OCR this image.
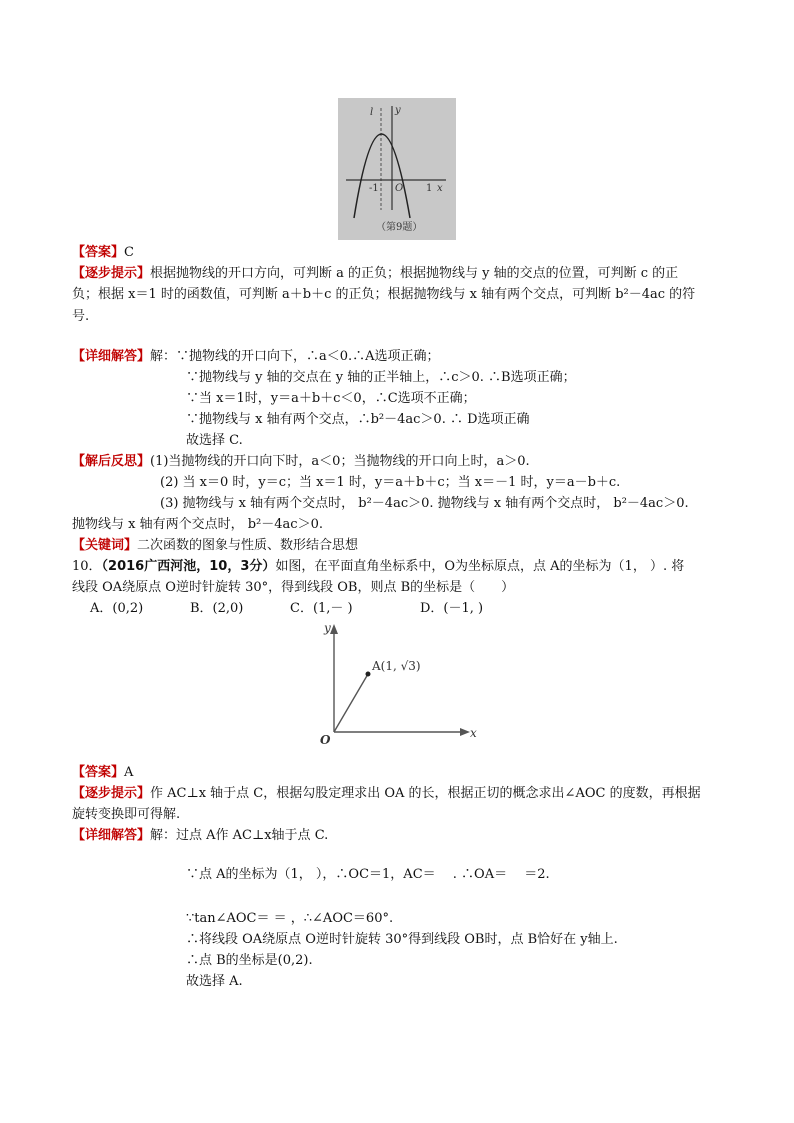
l y
-1 O 1 x
（第9题）
【答案】C
【逐步提示】根据抛物线的开口方向，可判断 a 的正负；根据抛物线与 y 轴的交点的位置，可判断 c 的正
负；根据 x＝1 时的函数值，可判断 a＋b＋c 的正负；根据抛物线与 x 轴有两个交点，可判断 b²－4ac 的符
号.
【详细解答】解：∵抛物线的开口向下，∴a＜0.∴A选项正确；
∵抛物线与 y 轴的交点在 y 轴的正半轴上，∴c＞0. ∴B选项正确；
∵当 x＝1时，y＝a＋b＋c＜0，∴C选项不正确；
∵抛物线与 x 轴有两个交点，∴b²－4ac＞0. ∴ D选项正确
故选择 C.
【解后反思】(1)当抛物线的开口向下时，a＜0；当抛物线的开口向上时，a＞0.
(2) 当 x＝0 时，y＝c；当 x＝1 时，y＝a＋b＋c；当 x＝－1 时，y＝a－b＋c.
(3) 抛物线与 x 轴有两个交点时， b²－4ac＞0. 抛物线与 x 轴有两个交点时， b²－4ac＞0.
抛物线与 x 轴有两个交点时， b²－4ac＞0.
【关键词】二次函数的图象与性质、数形结合思想
10．（2016广西河池，10，3分）如图，在平面直角坐标系中，O为坐标原点，点 A的坐标为（1， ）. 将
线段 OA绕原点 O逆时针旋转 30°，得到线段 OB，则点 B的坐标是（　　）
A．(0,2)	B．(2,0)	C．(1,－ )	D．(－1, )
y
x
O
A(1, √3)
【答案】A
【逐步提示】作 AC⊥x 轴于点 C，根据勾股定理求出 OA 的长，根据正切的概念求出∠AOC 的度数，再根据
旋转变换即可得解.
【详细解答】解：过点 A作 AC⊥x轴于点 C.
∵点 A的坐标为（1， ），∴OC＝1，AC＝　 . ∴OA＝　 ＝2.
∵tan∠AOC＝ ＝ ，∴∠AOC＝60°.
∴将线段 OA绕原点 O逆时针旋转 30°得到线段 OB时，点 B恰好在 y轴上.
∴点 B的坐标是(0,2).
故选择 A.
